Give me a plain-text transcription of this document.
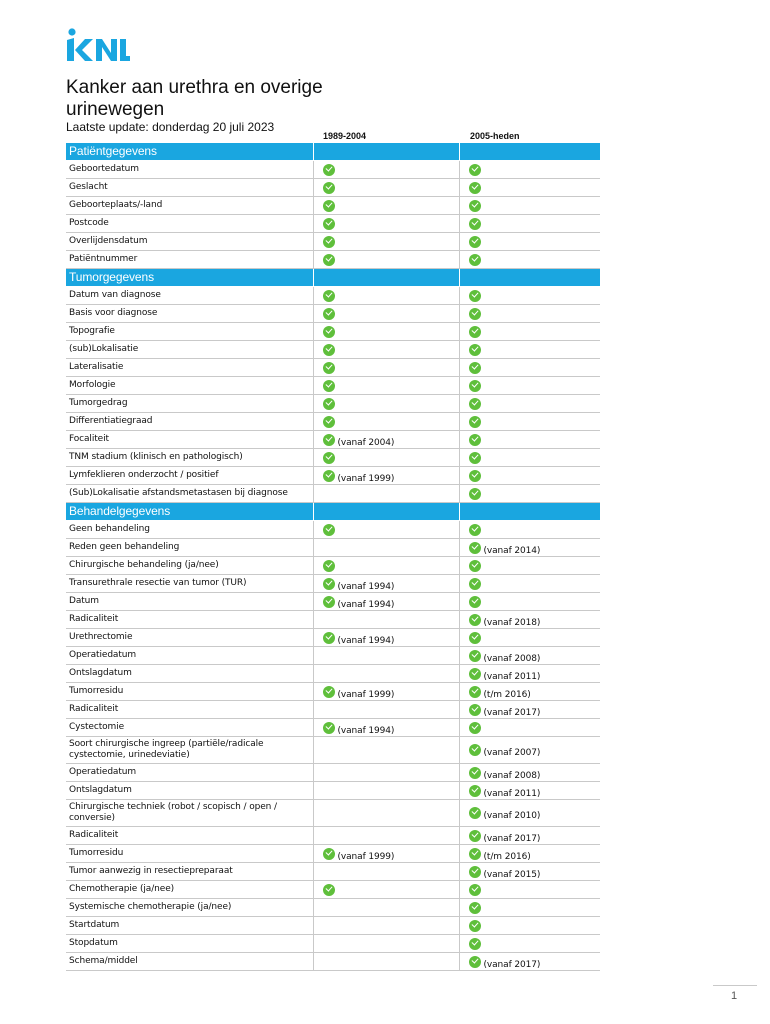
Kanker aan urethra en overige urinewegen
Laatste update: donderdag 20 juli 2023
1989-2004	2005-heden
Patiëntgegevens		
Geboortedatum	

Geslacht	

Geboorteplaats/-land	

Postcode	

Overlijdensdatum	

Patiëntnummer	

Tumorgegevens		
Datum van diagnose	

Basis voor diagnose	

Topografie	

(sub)Lokalisatie	

Lateralisatie	

Morfologie	

Tumorgedrag	

Differentiatiegraad	

Focaliteit	(vanaf 2004)	

TNM stadium (klinisch en pathologisch)	

Lymfeklieren onderzocht / positief	(vanaf 1999)	

(Sub)Lokalisatie afstandsmetastasen bij diagnose		

Behandelgegevens		
Geen behandeling	

Reden geen behandeling		(vanaf 2014)

Chirurgische behandeling (ja/nee)	

Transurethrale resectie van tumor (TUR)	(vanaf 1994)	

Datum	(vanaf 1994)	

Radicaliteit		(vanaf 2018)

Urethrectomie	(vanaf 1994)	

Operatiedatum		(vanaf 2008)

Ontslagdatum		(vanaf 2011)

Tumorresidu	(vanaf 1999)	(t/m 2016)

Radicaliteit		(vanaf 2017)

Cystectomie	(vanaf 1994)	

Soort chirurgische ingreep (partiële/radicale cystectomie, urinedeviatie)		(vanaf 2007)

Operatiedatum		(vanaf 2008)

Ontslagdatum		(vanaf 2011)

Chirurgische techniek (robot / scopisch / open / conversie)		(vanaf 2010)

Radicaliteit		(vanaf 2017)

Tumorresidu	(vanaf 1999)	(t/m 2016)

Tumor aanwezig in resectiepreparaat		(vanaf 2015)

Chemotherapie (ja/nee)	

Systemische chemotherapie (ja/nee)		

Startdatum		

Stopdatum		

Schema/middel		(vanaf 2017)
1
